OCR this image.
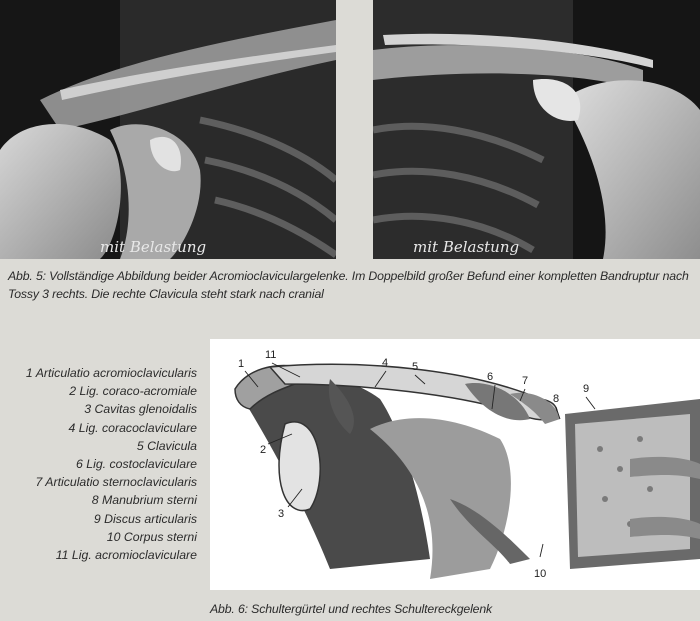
mit Belastung	mit Belastung
Abb. 5: Vollständige Abbildung beider Acromioclaviculargelenke. Im Doppelbild großer Befund einer kompletten Bandruptur nach Tossy 3 rechts. Die rechte Clavicula steht stark nach cranial
1 Articulatio acromioclavicularis
2 Lig. coraco-acromiale
3 Cavitas glenoidalis
4 Lig. coracoclaviculare
5 Clavicula
6 Lig. costoclaviculare
7 Articulatio sternoclavicularis
8 Manubrium sterni
9 Discus articularis
10 Corpus sterni
11 Lig. acromioclaviculare
1
2
3
4 5
6	7
8
9
10
11
Abb. 6: Schultergürtel und rechtes Schultereckgelenk
